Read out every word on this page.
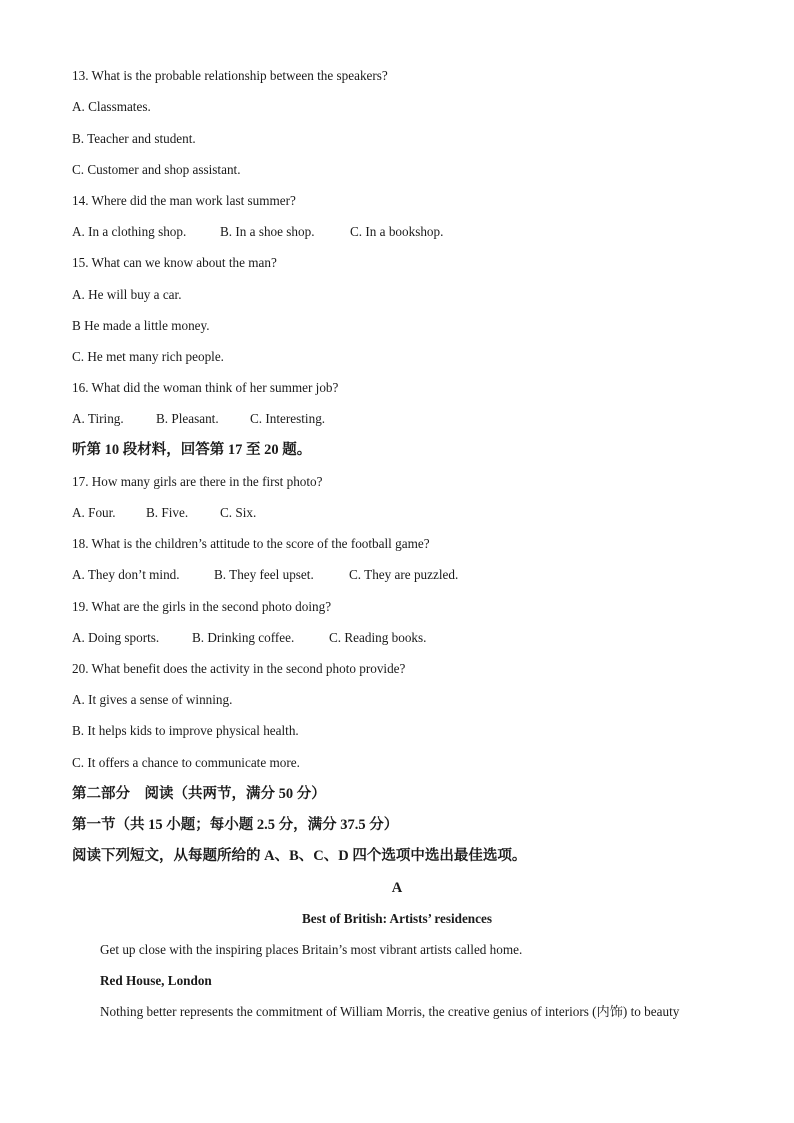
13. What is the probable relationship between the speakers?
A. Classmates.
B. Teacher and student.
C. Customer and shop assistant.
14. Where did the man work last summer?
A. In a clothing shop.	B. In a shoe shop.	C. In a bookshop.
15. What can we know about the man?
A. He will buy a car.
B He made a little money.
C. He met many rich people.
16. What did the woman think of her summer job?
A. Tiring. B. Pleasant. C. Interesting.
听第 10 段材料，回答第 17 至 20 题。
17. How many girls are there in the first photo?
A. Four. B. Five. C. Six.
18. What is the children’s attitude to the score of the football game?
A. They don’t mind.	B. They feel upset.	C. They are puzzled.
19. What are the girls in the second photo doing?
A. Doing sports. B. Drinking coffee.	C. Reading books.
20. What benefit does the activity in the second photo provide?
A. It gives a sense of winning.
B. It helps kids to improve physical health.
C. It offers a chance to communicate more.
第二部分　阅读（共两节，满分 50 分）
第一节（共 15 小题；每小题 2.5 分，满分 37.5 分）
阅读下列短文，从每题所给的 A、B、C、D 四个选项中选出最佳选项。
A
Best of British: Artists’ residences
Get up close with the inspiring places Britain’s most vibrant artists called home.
Red House, London
Nothing better represents the commitment of William Morris, the creative genius of interiors (内饰) to beauty
